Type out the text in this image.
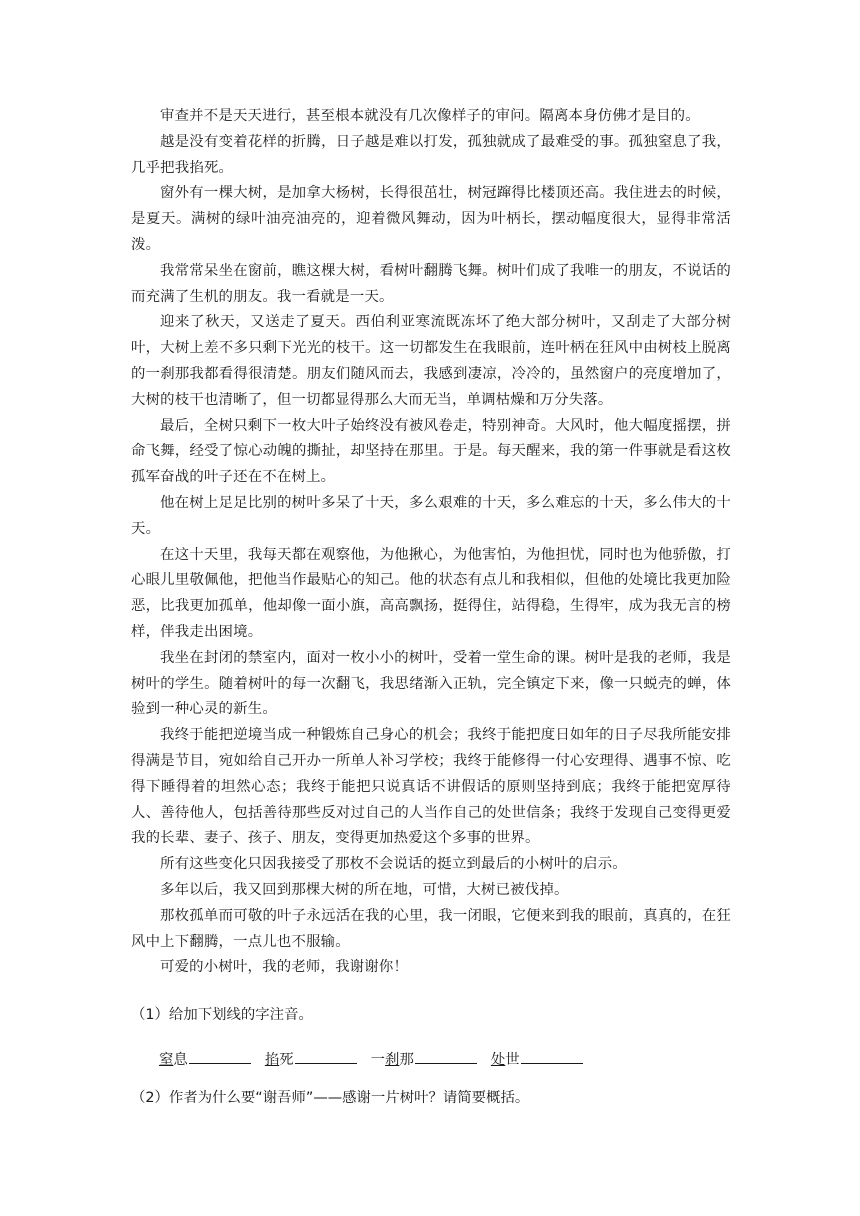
审查并不是天天进行，甚至根本就没有几次像样子的审问。隔离本身仿佛才是目的。

越是没有变着花样的折腾，日子越是难以打发，孤独就成了最难受的事。孤独窒息了我，几乎把我掐死。

窗外有一棵大树，是加拿大杨树，长得很茁壮，树冠蹿得比楼顶还高。我住进去的时候，是夏天。满树的绿叶油亮油亮的，迎着微风舞动，因为叶柄长，摆动幅度很大，显得非常活泼。

我常常呆坐在窗前，瞧这棵大树，看树叶翻腾飞舞。树叶们成了我唯一的朋友，不说话的而充满了生机的朋友。我一看就是一天。

迎来了秋天，又送走了夏天。西伯利亚寒流既冻坏了绝大部分树叶，又刮走了大部分树叶，大树上差不多只剩下光光的枝干。这一切都发生在我眼前，连叶柄在狂风中由树枝上脱离的一刹那我都看得很清楚。朋友们随风而去，我感到凄凉，冷冷的，虽然窗户的亮度增加了，大树的枝干也清晰了，但一切都显得那么大而无当，单调枯燥和万分失落。

最后，全树只剩下一枚大叶子始终没有被风卷走，特别神奇。大风时，他大幅度摇摆，拼命飞舞，经受了惊心动魄的撕扯，却坚持在那里。于是。每天醒来，我的第一件事就是看这枚孤军奋战的叶子还在不在树上。

他在树上足足比别的树叶多呆了十天，多么艰难的十天，多么难忘的十天，多么伟大的十天。

在这十天里，我每天都在观察他，为他揪心，为他害怕，为他担忧，同时也为他骄傲，打心眼儿里敬佩他，把他当作最贴心的知己。他的状态有点儿和我相似，但他的处境比我更加险恶，比我更加孤单，他却像一面小旗，高高飘扬，挺得住，站得稳，生得牢，成为我无言的榜样，伴我走出困境。

我坐在封闭的禁室内，面对一枚小小的树叶，受着一堂生命的课。树叶是我的老师，我是树叶的学生。随着树叶的每一次翻飞，我思绪渐入正轨，完全镇定下来，像一只蜕壳的蝉，体验到一种心灵的新生。

我终于能把逆境当成一种锻炼自己身心的机会；我终于能把度日如年的日子尽我所能安排得满是节目，宛如给自己开办一所单人补习学校；我终于能修得一付心安理得、遇事不惊、吃得下睡得着的坦然心态；我终于能把只说真话不讲假话的原则坚持到底；我终于能把宽厚待人、善待他人，包括善待那些反对过自己的人当作自己的处世信条；我终于发现自己变得更爱我的长辈、妻子、孩子、朋友，变得更加热爱这个多事的世界。

所有这些变化只因我接受了那枚不会说话的挺立到最后的小树叶的启示。

多年以后，我又回到那棵大树的所在地，可惜，大树已被伐掉。

那枚孤单而可敬的叶子永远活在我的心里，我一闭眼，它便来到我的眼前，真真的，在狂风中上下翻腾，一点儿也不服输。

可爱的小树叶，我的老师，我谢谢你！

（1）给加下划线的字注音。

窒息	掐死	一刹那	处世

（2）作者为什么要“谢吾师”——感谢一片树叶？请简要概括。
